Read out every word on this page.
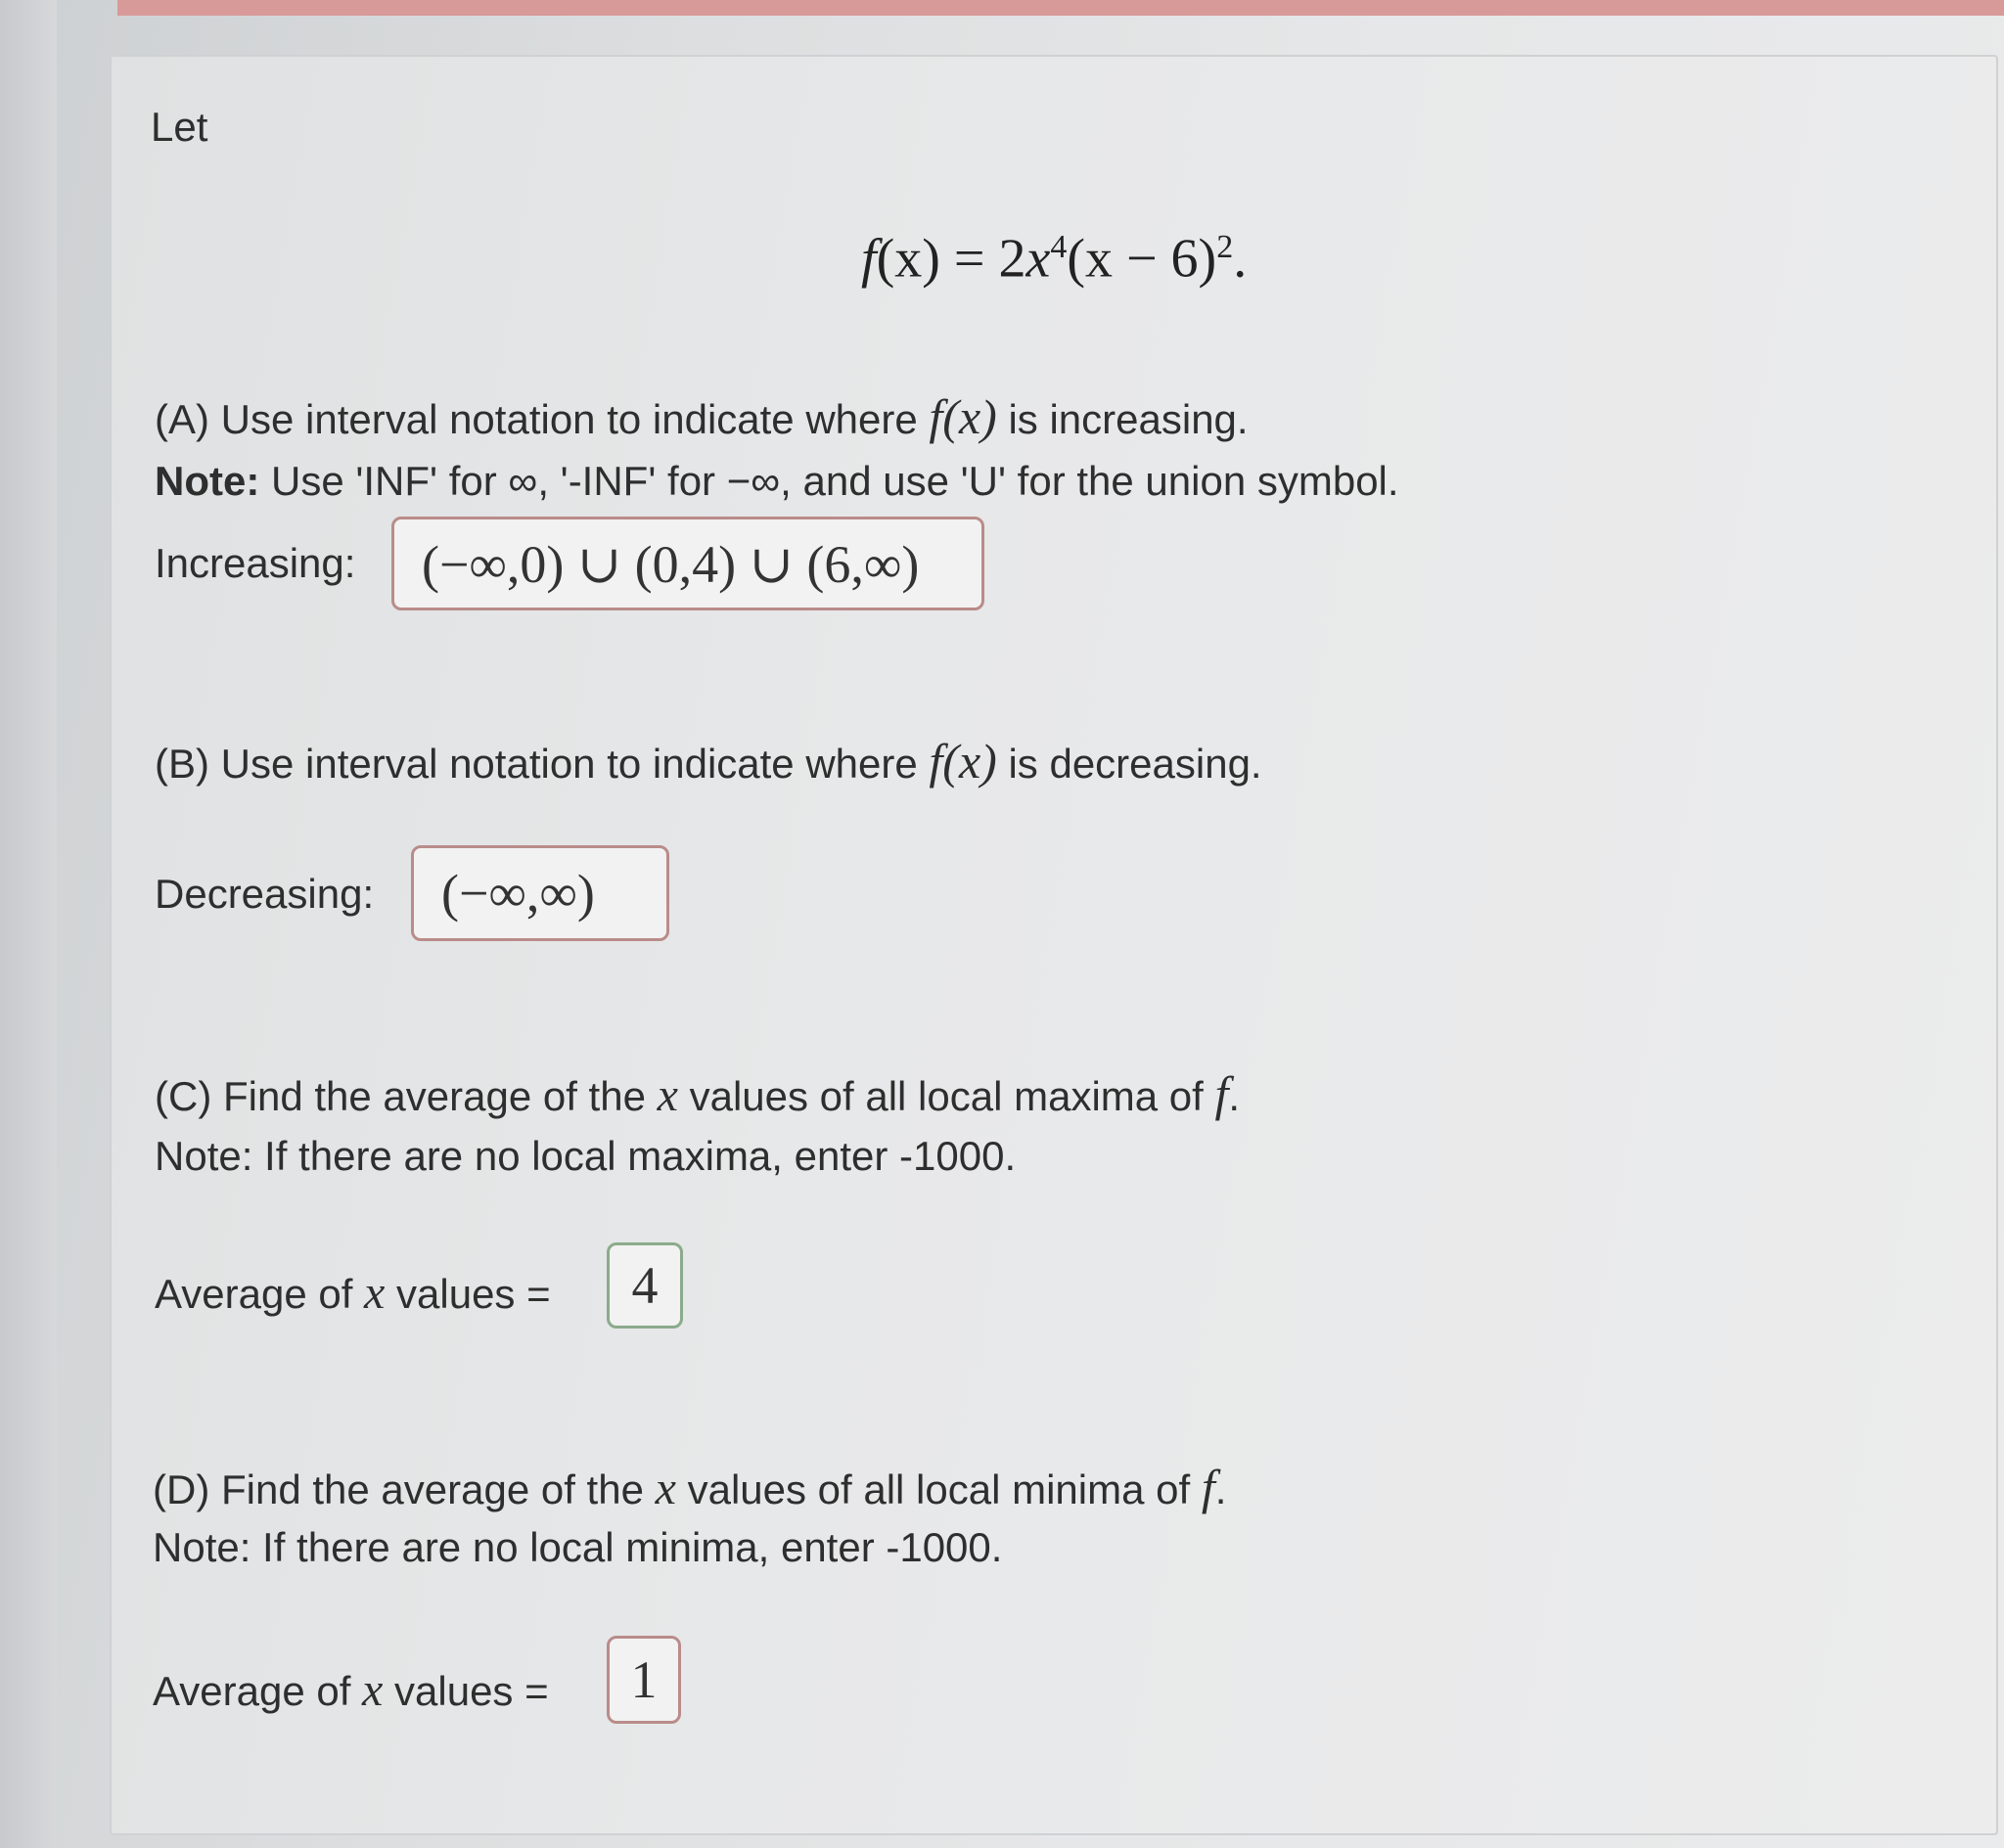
Let
$f(x) = 2x^4(x - 6)^2$.
(A) Use interval notation to indicate where f(x) is increasing.
Note: Use 'INF' for ∞, '-INF' for −∞, and use 'U' for the union symbol.
Increasing:	(−∞,0) ∪ (0,4) ∪ (6,∞)
(B) Use interval notation to indicate where f(x) is decreasing.
Decreasing:	(−∞,∞)
(C) Find the average of the x values of all local maxima of f.
Note: If there are no local maxima, enter -1000.
Average of x values =	4
(D) Find the average of the x values of all local minima of f.
Note: If there are no local minima, enter -1000.
Average of x values =	1
